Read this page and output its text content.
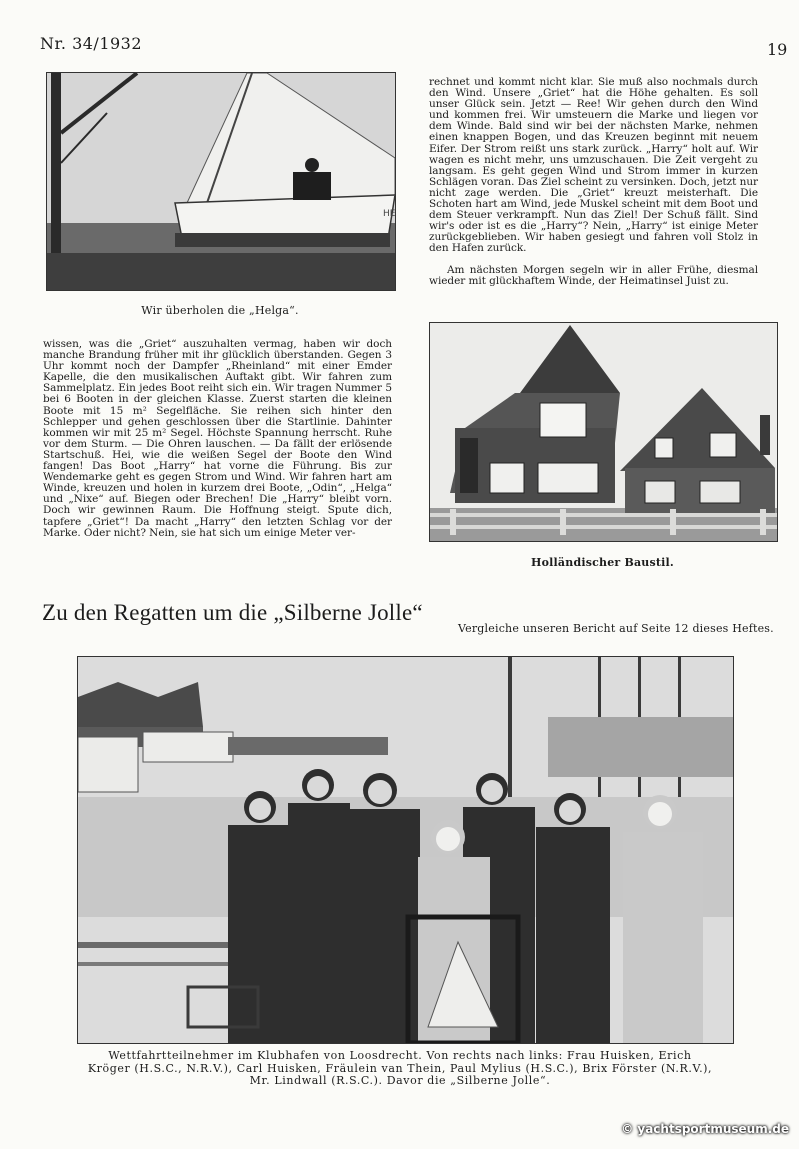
Nr. 34/1932	19
HE
Wir überholen die „Helga“.

rechnet und kommt nicht klar. Sie muß also nochmals durch den Wind. Unsere „Griet“ hat die Höhe gehalten. Es soll unser Glück sein. Jetzt — Ree! Wir gehen durch den Wind und kommen frei. Wir umsteuern die Marke und liegen vor dem Winde. Bald sind wir bei der nächsten Marke, nehmen einen knappen Bogen, und das Kreuzen beginnt mit neuem Eifer. Der Strom reißt uns stark zurück. „Harry“ holt auf. Wir wagen es nicht mehr, uns umzuschauen. Die Zeit vergeht zu langsam. Es geht gegen Wind und Strom immer in kurzen Schlägen voran. Das Ziel scheint zu versinken. Doch, jetzt nur nicht zage werden. Die „Griet“ kreuzt meisterhaft. Die Schoten hart am Wind, jede Muskel scheint mit dem Boot und dem Steuer verkrampft. Nun das Ziel! Der Schuß fällt. Sind wir's oder ist es die „Harry“? Nein, „Harry“ ist einige Meter zurückgeblieben. Wir haben gesiegt und fahren voll Stolz in den Hafen zurück.

Am nächsten Morgen segeln wir in aller Frühe, diesmal wieder mit glückhaftem Winde, der Heimatinsel Juist zu.

wissen, was die „Griet“ auszuhalten vermag, haben wir doch manche Brandung früher mit ihr glücklich überstanden. Gegen 3 Uhr kommt noch der Dampfer „Rheinland“ mit einer Emder Kapelle, die den musikalischen Auftakt gibt. Wir fahren zum Sammelplatz. Ein jedes Boot reiht sich ein. Wir tragen Nummer 5 bei 6 Booten in der gleichen Klasse. Zuerst starten die kleinen Boote mit 15 m² Segelfläche. Sie reihen sich hinter den Schlepper und gehen geschlossen über die Startlinie. Dahinter kommen wir mit 25 m² Segel. Höchste Spannung herrscht. Ruhe vor dem Sturm. — Die Ohren lauschen. — Da fällt der erlösende Startschuß. Hei, wie die weißen Segel der Boote den Wind fangen! Das Boot „Harry“ hat vorne die Führung. Bis zur Wendemarke geht es gegen Strom und Wind. Wir fahren hart am Winde, kreuzen und holen in kurzem drei Boote, „Odin“, „Helga“ und „Nixe“ auf. Biegen oder Brechen! Die „Harry“ bleibt vorn. Doch wir gewinnen Raum. Die Hoffnung steigt. Spute dich, tapfere „Griet“! Da macht „Harry“ den letzten Schlag vor der Marke. Oder nicht? Nein, sie hat sich um einige Meter ver-

Holländischer Baustil.
Zu den Regatten um die „Silberne Jolle“
Vergleiche unseren Bericht auf Seite 12 dieses Heftes.
Wettfahrtteilnehmer im Klubhafen von Loosdrecht. Von rechts nach links: Frau Huisken, Erich
Kröger (H.S.C., N.R.V.), Carl Huisken, Fräulein van Thein, Paul Mylius (H.S.C.), Brix Förster (N.R.V.),
Mr. Lindwall (R.S.C.). Davor die „Silberne Jolle“.
© yachtsportmuseum.de
